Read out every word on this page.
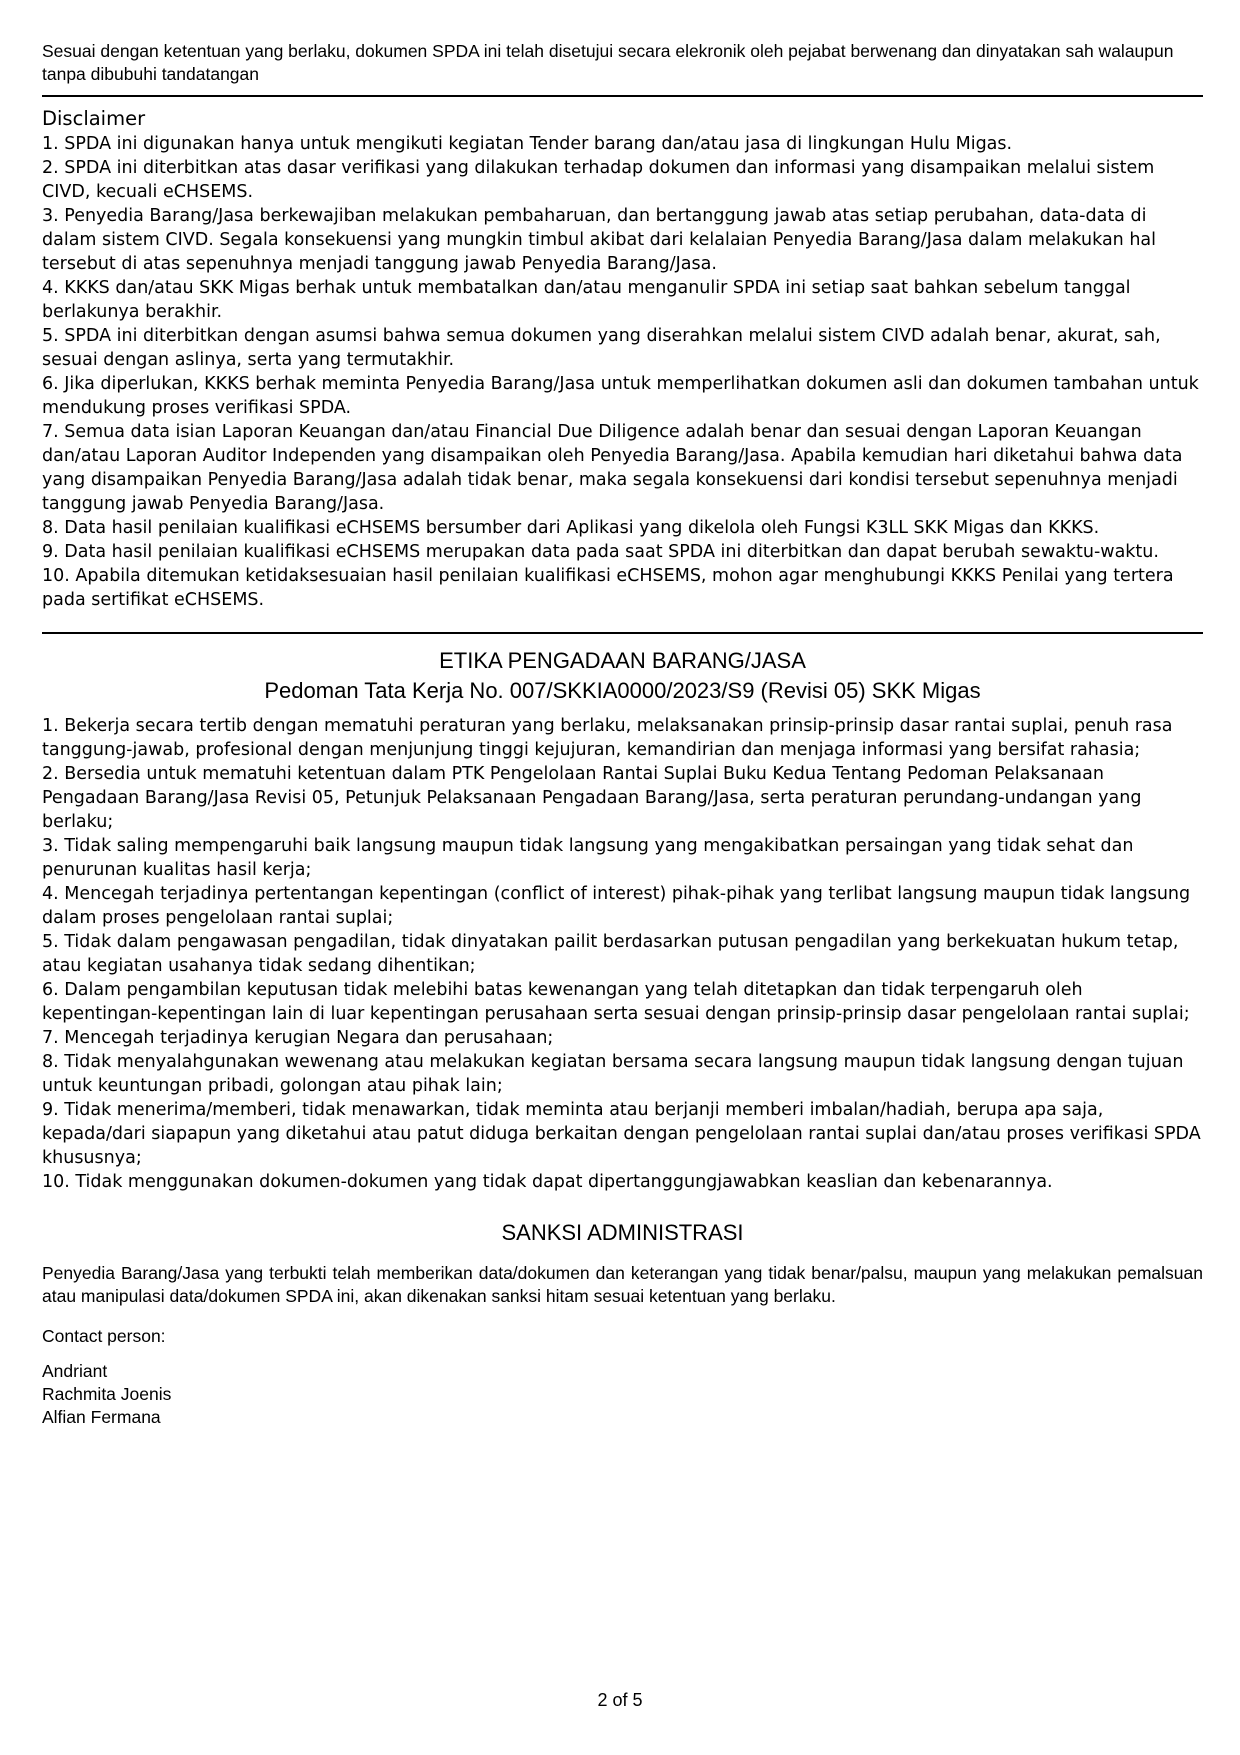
Sesuai dengan ketentuan yang berlaku, dokumen SPDA ini telah disetujui secara elekronik oleh pejabat berwenang dan dinyatakan sah walaupun tanpa dibubuhi tandatangan

Disclaimer
1. SPDA ini digunakan hanya untuk mengikuti kegiatan Tender barang dan/atau jasa di lingkungan Hulu Migas.
2. SPDA ini diterbitkan atas dasar verifikasi yang dilakukan terhadap dokumen dan informasi yang disampaikan melalui sistem CIVD, kecuali eCHSEMS.
3. Penyedia Barang/Jasa berkewajiban melakukan pembaharuan, dan bertanggung jawab atas setiap perubahan, data-data di dalam sistem CIVD. Segala konsekuensi yang mungkin timbul akibat dari kelalaian Penyedia Barang/Jasa dalam melakukan hal tersebut di atas sepenuhnya menjadi tanggung jawab Penyedia Barang/Jasa.
4. KKKS dan/atau SKK Migas berhak untuk membatalkan dan/atau menganulir SPDA ini setiap saat bahkan sebelum tanggal berlakunya berakhir.
5. SPDA ini diterbitkan dengan asumsi bahwa semua dokumen yang diserahkan melalui sistem CIVD adalah benar, akurat, sah, sesuai dengan aslinya, serta yang termutakhir.
6. Jika diperlukan, KKKS berhak meminta Penyedia Barang/Jasa untuk memperlihatkan dokumen asli dan dokumen tambahan untuk mendukung proses verifikasi SPDA.
7. Semua data isian Laporan Keuangan dan/atau Financial Due Diligence adalah benar dan sesuai dengan Laporan Keuangan dan/atau Laporan Auditor Independen yang disampaikan oleh Penyedia Barang/Jasa. Apabila kemudian hari diketahui bahwa data yang disampaikan Penyedia Barang/Jasa adalah tidak benar, maka segala konsekuensi dari kondisi tersebut sepenuhnya menjadi tanggung jawab Penyedia Barang/Jasa.
8. Data hasil penilaian kualifikasi eCHSEMS bersumber dari Aplikasi yang dikelola oleh Fungsi K3LL SKK Migas dan KKKS.
9. Data hasil penilaian kualifikasi eCHSEMS merupakan data pada saat SPDA ini diterbitkan dan dapat berubah sewaktu-waktu.
10. Apabila ditemukan ketidaksesuaian hasil penilaian kualifikasi eCHSEMS, mohon agar menghubungi KKKS Penilai yang tertera pada sertifikat eCHSEMS.
ETIKA PENGADAAN BARANG/JASA
Pedoman Tata Kerja No. 007/SKKIA0000/2023/S9 (Revisi 05) SKK Migas
1. Bekerja secara tertib dengan mematuhi peraturan yang berlaku, melaksanakan prinsip-prinsip dasar rantai suplai, penuh rasa tanggung-jawab, profesional dengan menjunjung tinggi kejujuran, kemandirian dan menjaga informasi yang bersifat rahasia;
2. Bersedia untuk mematuhi ketentuan dalam PTK Pengelolaan Rantai Suplai Buku Kedua Tentang Pedoman Pelaksanaan Pengadaan Barang/Jasa Revisi 05, Petunjuk Pelaksanaan Pengadaan Barang/Jasa, serta peraturan perundang-undangan yang berlaku;
3. Tidak saling mempengaruhi baik langsung maupun tidak langsung yang mengakibatkan persaingan yang tidak sehat dan penurunan kualitas hasil kerja;
4. Mencegah terjadinya pertentangan kepentingan (conflict of interest) pihak-pihak yang terlibat langsung maupun tidak langsung dalam proses pengelolaan rantai suplai;
5. Tidak dalam pengawasan pengadilan, tidak dinyatakan pailit berdasarkan putusan pengadilan yang berkekuatan hukum tetap, atau kegiatan usahanya tidak sedang dihentikan;
6. Dalam pengambilan keputusan tidak melebihi batas kewenangan yang telah ditetapkan dan tidak terpengaruh oleh kepentingan-kepentingan lain di luar kepentingan perusahaan serta sesuai dengan prinsip-prinsip dasar pengelolaan rantai suplai;
7. Mencegah terjadinya kerugian Negara dan perusahaan;
8. Tidak menyalahgunakan wewenang atau melakukan kegiatan bersama secara langsung maupun tidak langsung dengan tujuan untuk keuntungan pribadi, golongan atau pihak lain;
9. Tidak menerima/memberi, tidak menawarkan, tidak meminta atau berjanji memberi imbalan/hadiah, berupa apa saja, kepada/dari siapapun yang diketahui atau patut diduga berkaitan dengan pengelolaan rantai suplai dan/atau proses verifikasi SPDA khususnya;
10. Tidak menggunakan dokumen-dokumen yang tidak dapat dipertanggungjawabkan keaslian dan kebenarannya.
SANKSI ADMINISTRASI

Penyedia Barang/Jasa yang terbukti telah memberikan data/dokumen dan keterangan yang tidak benar/palsu, maupun yang melakukan pemalsuan atau manipulasi data/dokumen SPDA ini, akan dikenakan sanksi hitam sesuai ketentuan yang berlaku.

Contact person:

Andriant
Rachmita Joenis
Alfian Fermana
2 of 5
